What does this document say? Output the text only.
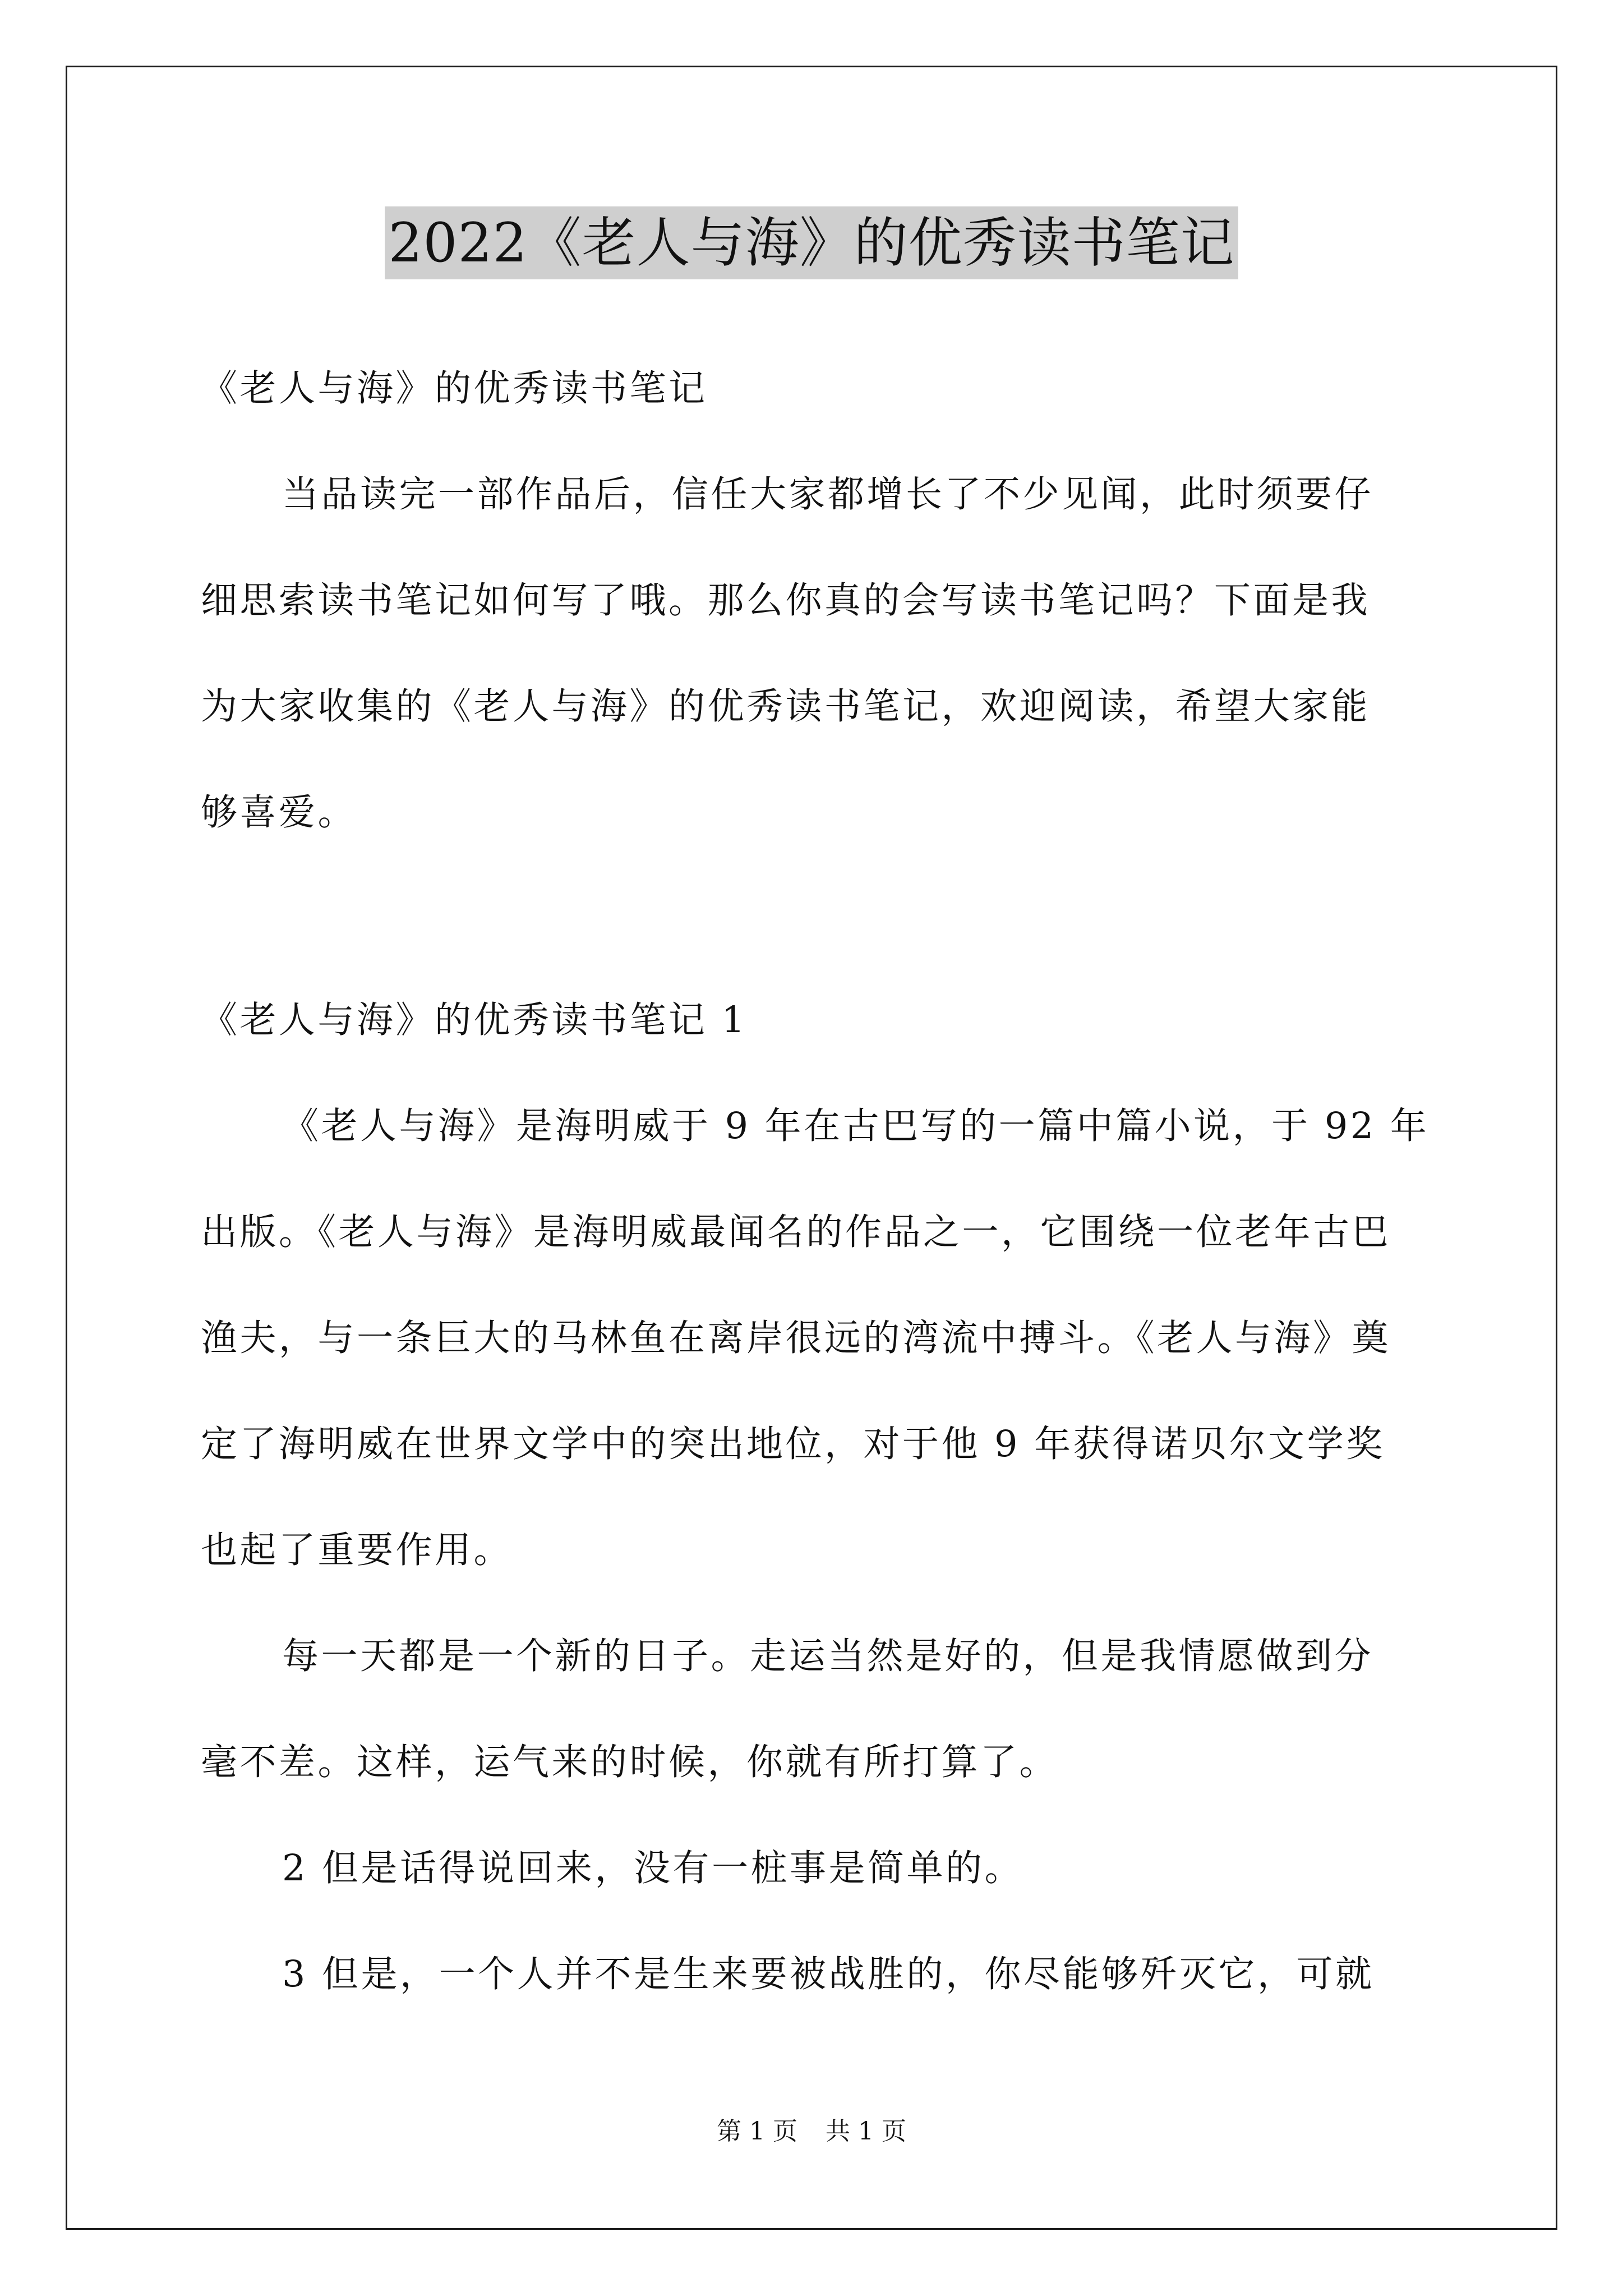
2022《老人与海》的优秀读书笔记

《老人与海》的优秀读书笔记

当品读完一部作品后，信任大家都增长了不少见闻，此时须要仔

细思索读书笔记如何写了哦。那么你真的会写读书笔记吗？下面是我
为大家收集的《老人与海》的优秀读书笔记，欢迎阅读，希望大家能
够喜爱。

《老人与海》的优秀读书笔记 1

《老人与海》是海明威于 9 年在古巴写的一篇中篇小说，于 92 年

出版。《老人与海》是海明威最闻名的作品之一，它围绕一位老年古巴
渔夫，与一条巨大的马林鱼在离岸很远的湾流中搏斗。《老人与海》奠
定了海明威在世界文学中的突出地位，对于他 9 年获得诺贝尔文学奖
也起了重要作用。

每一天都是一个新的日子。走运当然是好的，但是我情愿做到分

毫不差。这样，运气来的时候，你就有所打算了。

2 但是话得说回来，没有一桩事是简单的。

3 但是，一个人并不是生来要被战胜的，你尽能够歼灭它，可就

第 1 页 共 1 页
